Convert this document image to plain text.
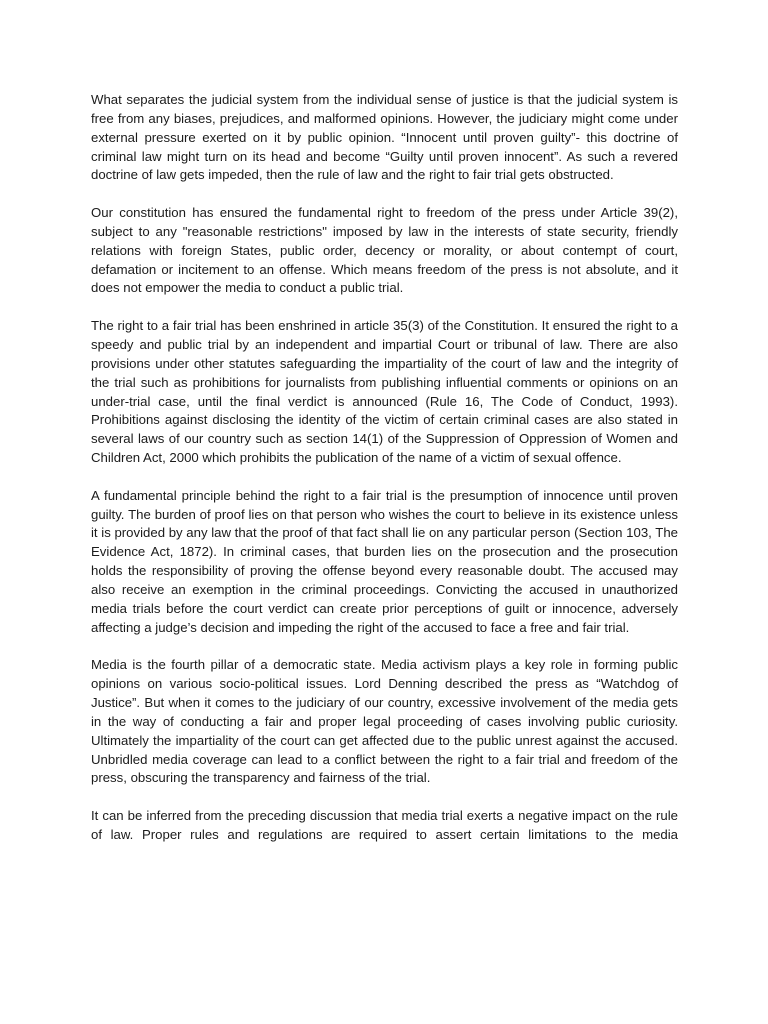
What separates the judicial system from the individual sense of justice is that the judicial system is free from any biases, prejudices, and malformed opinions. However, the judiciary might come under external pressure exerted on it by public opinion. “Innocent until proven guilty”- this doctrine of criminal law might turn on its head and become “Guilty until proven innocent”. As such a revered doctrine of law gets impeded, then the rule of law and the right to fair trial gets obstructed.

Our constitution has ensured the fundamental right to freedom of the press under Article 39(2), subject to any "reasonable restrictions" imposed by law in the interests of state security, friendly relations with foreign States, public order, decency or morality, or about contempt of court, defamation or incitement to an offense. Which means freedom of the press is not absolute, and it does not empower the media to conduct a public trial.

The right to a fair trial has been enshrined in article 35(3) of the Constitution. It ensured the right to a speedy and public trial by an independent and impartial Court or tribunal of law. There are also provisions under other statutes safeguarding the impartiality of the court of law and the integrity of the trial such as prohibitions for journalists from publishing influential comments or opinions on an under-trial case, until the final verdict is announced (Rule 16, The Code of Conduct, 1993). Prohibitions against disclosing the identity of the victim of certain criminal cases are also stated in several laws of our country such as section 14(1) of the Suppression of Oppression of Women and Children Act, 2000 which prohibits the publication of the name of a victim of sexual offence.

A fundamental principle behind the right to a fair trial is the presumption of innocence until proven guilty. The burden of proof lies on that person who wishes the court to believe in its existence unless it is provided by any law that the proof of that fact shall lie on any particular person (Section 103, The Evidence Act, 1872). In criminal cases, that burden lies on the prosecution and the prosecution holds the responsibility of proving the offense beyond every reasonable doubt. The accused may also receive an exemption in the criminal proceedings. Convicting the accused in unauthorized media trials before the court verdict can create prior perceptions of guilt or innocence, adversely affecting a judge’s decision and impeding the right of the accused to face a free and fair trial.

Media is the fourth pillar of a democratic state. Media activism plays a key role in forming public opinions on various socio-political issues. Lord Denning described the press as “Watchdog of Justice”. But when it comes to the judiciary of our country, excessive involvement of the media gets in the way of conducting a fair and proper legal proceeding of cases involving public curiosity. Ultimately the impartiality of the court can get affected due to the public unrest against the accused. Unbridled media coverage can lead to a conflict between the right to a fair trial and freedom of the press, obscuring the transparency and fairness of the trial.

It can be inferred from the preceding discussion that media trial exerts a negative impact on the rule of law. Proper rules and regulations are required to assert certain limitations to the media
